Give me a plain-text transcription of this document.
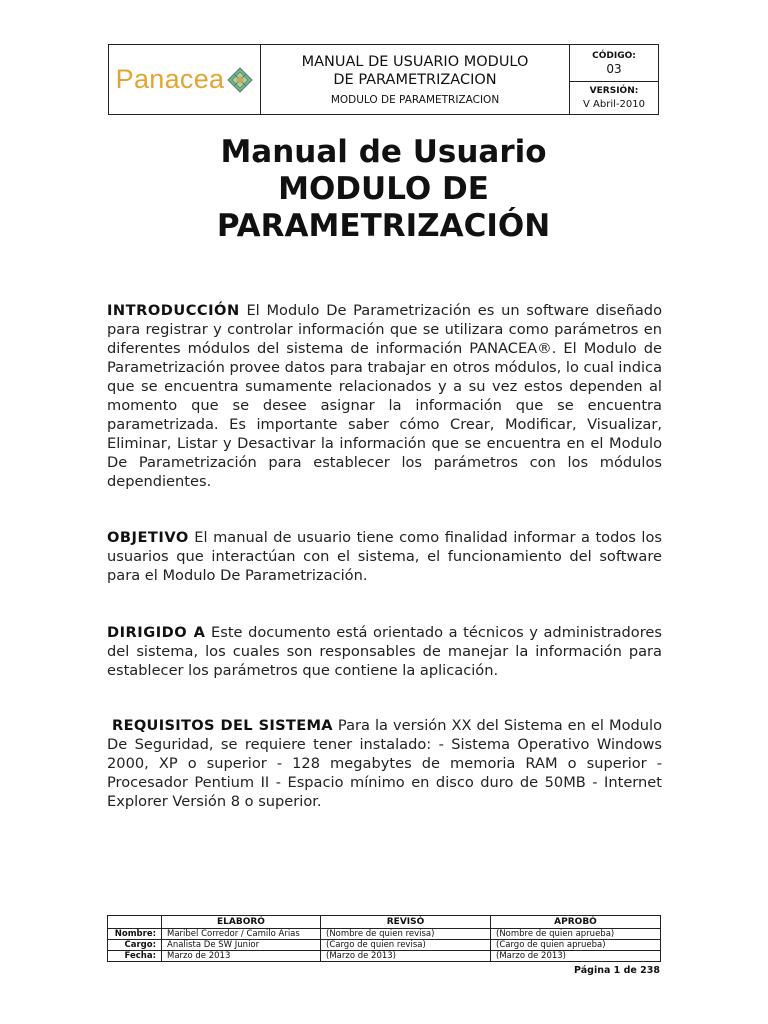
Panacea
MANUAL DE USUARIO MODULO
DE PARAMETRIZACION
MODULO DE PARAMETRIZACION
CÓDIGO:
03
VERSIÓN:
V Abril-2010
Manual de Usuario
MODULO DE
PARAMETRIZACIÓN
INTRODUCCIÓN El Modulo De Parametrización es un software diseñado para registrar y controlar información que se utilizara como parámetros en diferentes módulos del sistema de información PANACEA®. El Modulo de Parametrización provee datos para trabajar en otros módulos, lo cual indica que se encuentra sumamente relacionados y a su vez estos dependen al momento que se desee asignar la información que se encuentra parametrizada. Es importante saber cómo Crear, Modificar, Visualizar, Eliminar, Listar y Desactivar la información que se encuentra en el Modulo De Parametrización para establecer los parámetros con los módulos dependientes.
OBJETIVO El manual de usuario tiene como finalidad informar a todos los usuarios que interactúan con el sistema, el funcionamiento del software para el Modulo De Parametrización.
DIRIGIDO A Este documento está orientado a técnicos y administradores del sistema, los cuales son responsables de manejar la información para establecer los parámetros que contiene la aplicación.
REQUISITOS DEL SISTEMA Para la versión XX del Sistema en el Modulo De Seguridad, se requiere tener instalado: - Sistema Operativo Windows 2000, XP o superior - 128 megabytes de memoria RAM o superior - Procesador Pentium II - Espacio mínimo en disco duro de 50MB - Internet Explorer Versión 8 o superior.
	ELABORÓ	REVISÓ	APROBÓ
Nombre:	Maribel Corredor / Camilo Arias	(Nombre de quien revisa)	(Nombre de quien aprueba)
Cargo:	Analista De SW Junior	(Cargo de quien revisa)	(Cargo de quien aprueba)
Fecha:	Marzo de 2013	(Marzo de 2013)	(Marzo de 2013)
Página 1 de 238
